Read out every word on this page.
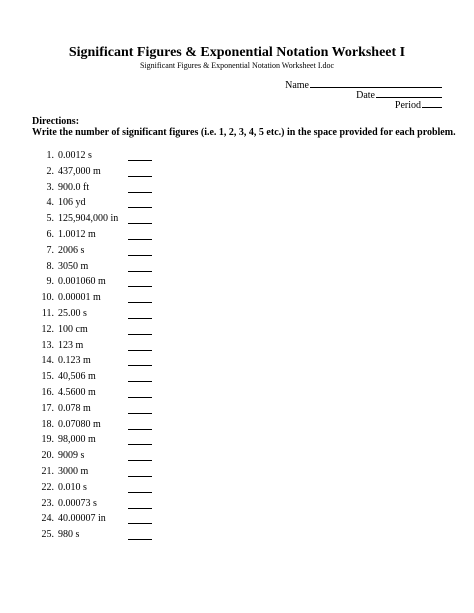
Significant Figures & Exponential Notation Worksheet I
Significant Figures & Exponential Notation Worksheet I.doc
Name
Date
Period
Directions:
Write the number of significant figures (i.e. 1, 2, 3, 4, 5 etc.) in the space provided for each problem.
1. 0.0012 s
2. 437,000 m
3. 900.0 ft
4. 106 yd
5. 125,904,000 in
6. 1.0012 m
7. 2006 s
8. 3050 m
9. 0.001060 m
10. 0.00001 m
11. 25.00 s
12. 100 cm
13. 123 m
14. 0.123 m
15. 40,506 m
16. 4.5600 m
17. 0.078 m
18. 0.07080 m
19. 98,000 m
20. 9009 s
21. 3000 m
22. 0.010 s
23. 0.00073 s
24. 40.00007 in
25. 980 s
